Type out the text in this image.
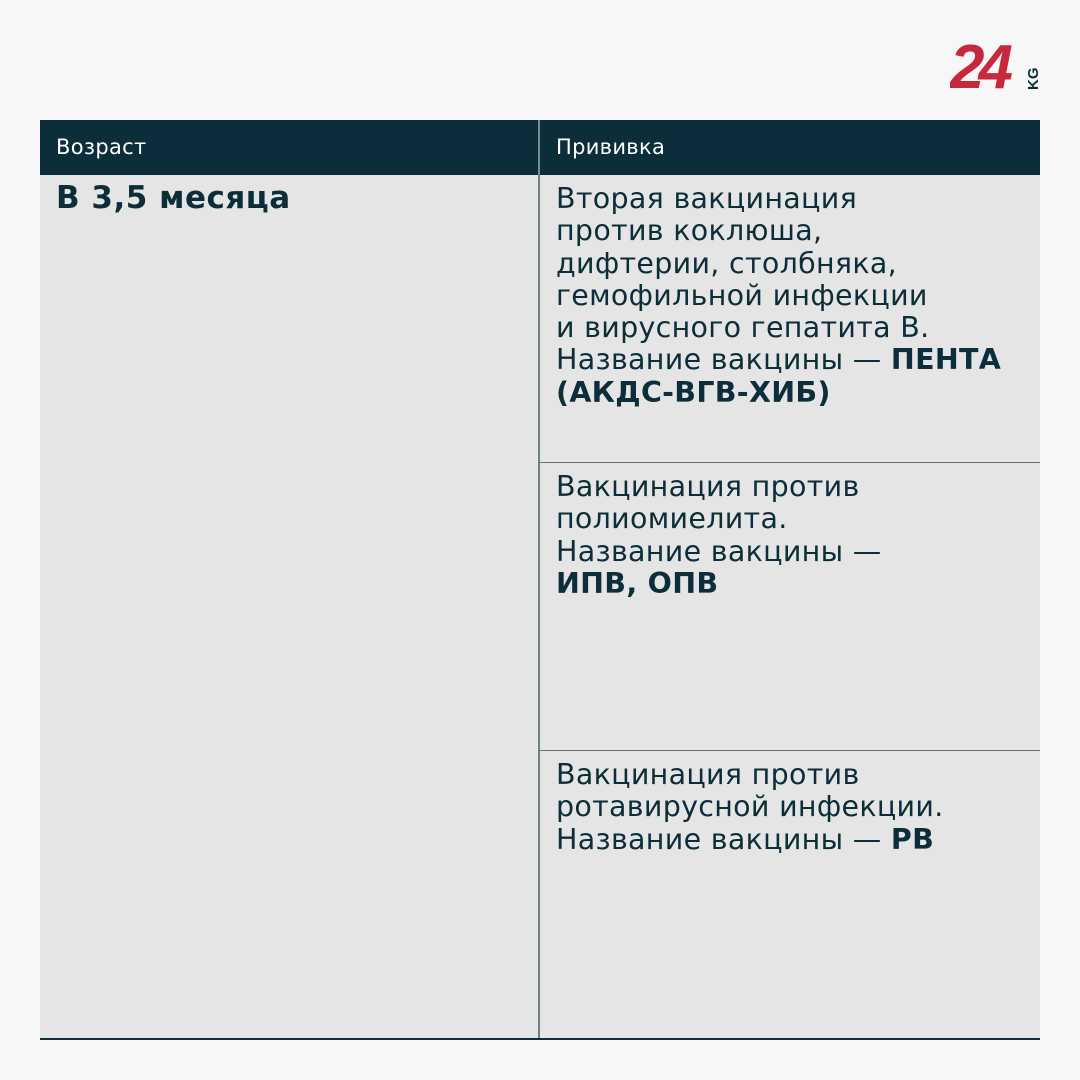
24	KG
Возраст	Прививка
В 3,5 месяца	Вторая вакцинация
против коклюша,
дифтерии, столбняка,
гемофильной инфекции
и вирусного гепатита B.
Название вакцины — ПЕНТА
(АКДС-ВГВ-ХИБ)
Вакцинация против
полиомиелита.
Название вакцины —
ИПВ, ОПВ
Вакцинация против
ротавирусной инфекции.
Название вакцины — РВ
